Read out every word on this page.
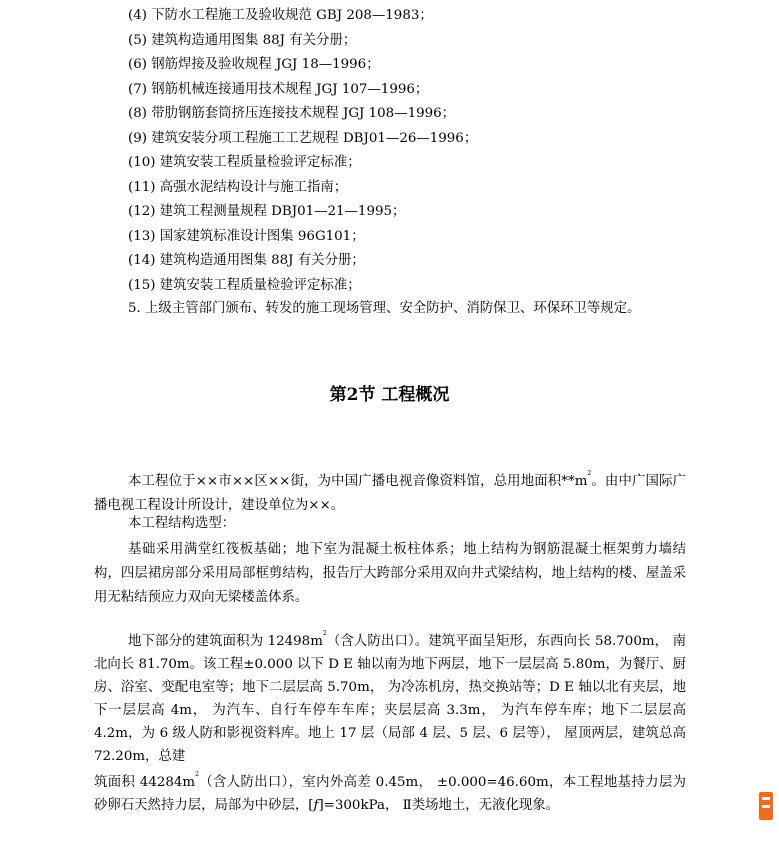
(4) 下防水工程施工及验收规范 GBJ 208—1983；
(5) 建筑构造通用图集 88J 有关分册；
(6) 钢筋焊接及验收规程 JGJ 18—1996；
(7) 钢筋机械连接通用技术规程 JGJ 107—1996；
(8) 带肋钢筋套筒挤压连接技术规程 JGJ 108—1996；
(9) 建筑安装分项工程施工工艺规程 DBJ01—26—1996；
(10) 建筑安装工程质量检验评定标准；
(11) 高强水泥结构设计与施工指南；
(12) 建筑工程测量规程 DBJ01—21—1995；
(13) 国家建筑标准设计图集 96G101；
(14) 建筑构造通用图集 88J 有关分册；
(15) 建筑安装工程质量检验评定标准；

5. 上级主管部门颁布、转发的施工现场管理、安全防护、消防保卫、环保环卫等规定。

第2节 工程概况

本工程位于××市××区××街，为中国广播电视音像资料馆，总用地面积$**m^2$。由中广国际广播电视工程设计所设计，建设单位为××。

本工程结构选型：

基础采用满堂红筏板基础；地下室为混凝土板柱体系；地上结构为钢筋混凝土框架剪力墙结构，四层裙房部分采用局部框剪结构，报告厅大跨部分采用双向井式梁结构，地上结构的楼、屋盖采用无粘结预应力双向无梁楼盖体系。

地下部分的建筑面积为 $12498m^2$（含人防出口）。建筑平面呈矩形，东西向长 58.700m， 南北向长 81.70m。该工程±0.000 以下 D E 轴以南为地下两层，地下一层层高 5.80m，为餐厅、厨房、浴室、变配电室等；地下二层层高 5.70m， 为冷冻机房，热交换站等；D E 轴以北有夹层，地下一层层高 4m， 为汽车、自行车停车车库；夹层层高 3.3m， 为汽车停车库；地下二层层高 4.2m，为 6 级人防和影视资料库。地上 17 层（局部 4 层、5 层、6 层等）， 屋顶两层，建筑总高 72.20m，总建

筑面积 $44284m^2$（含人防出口），室内外高差 0.45m， ±0.000=46.60m，本工程地基持力层为砂卵石天然持力层，局部为中砂层，[f]=300kPa， Ⅱ类场地土，无液化现象。
